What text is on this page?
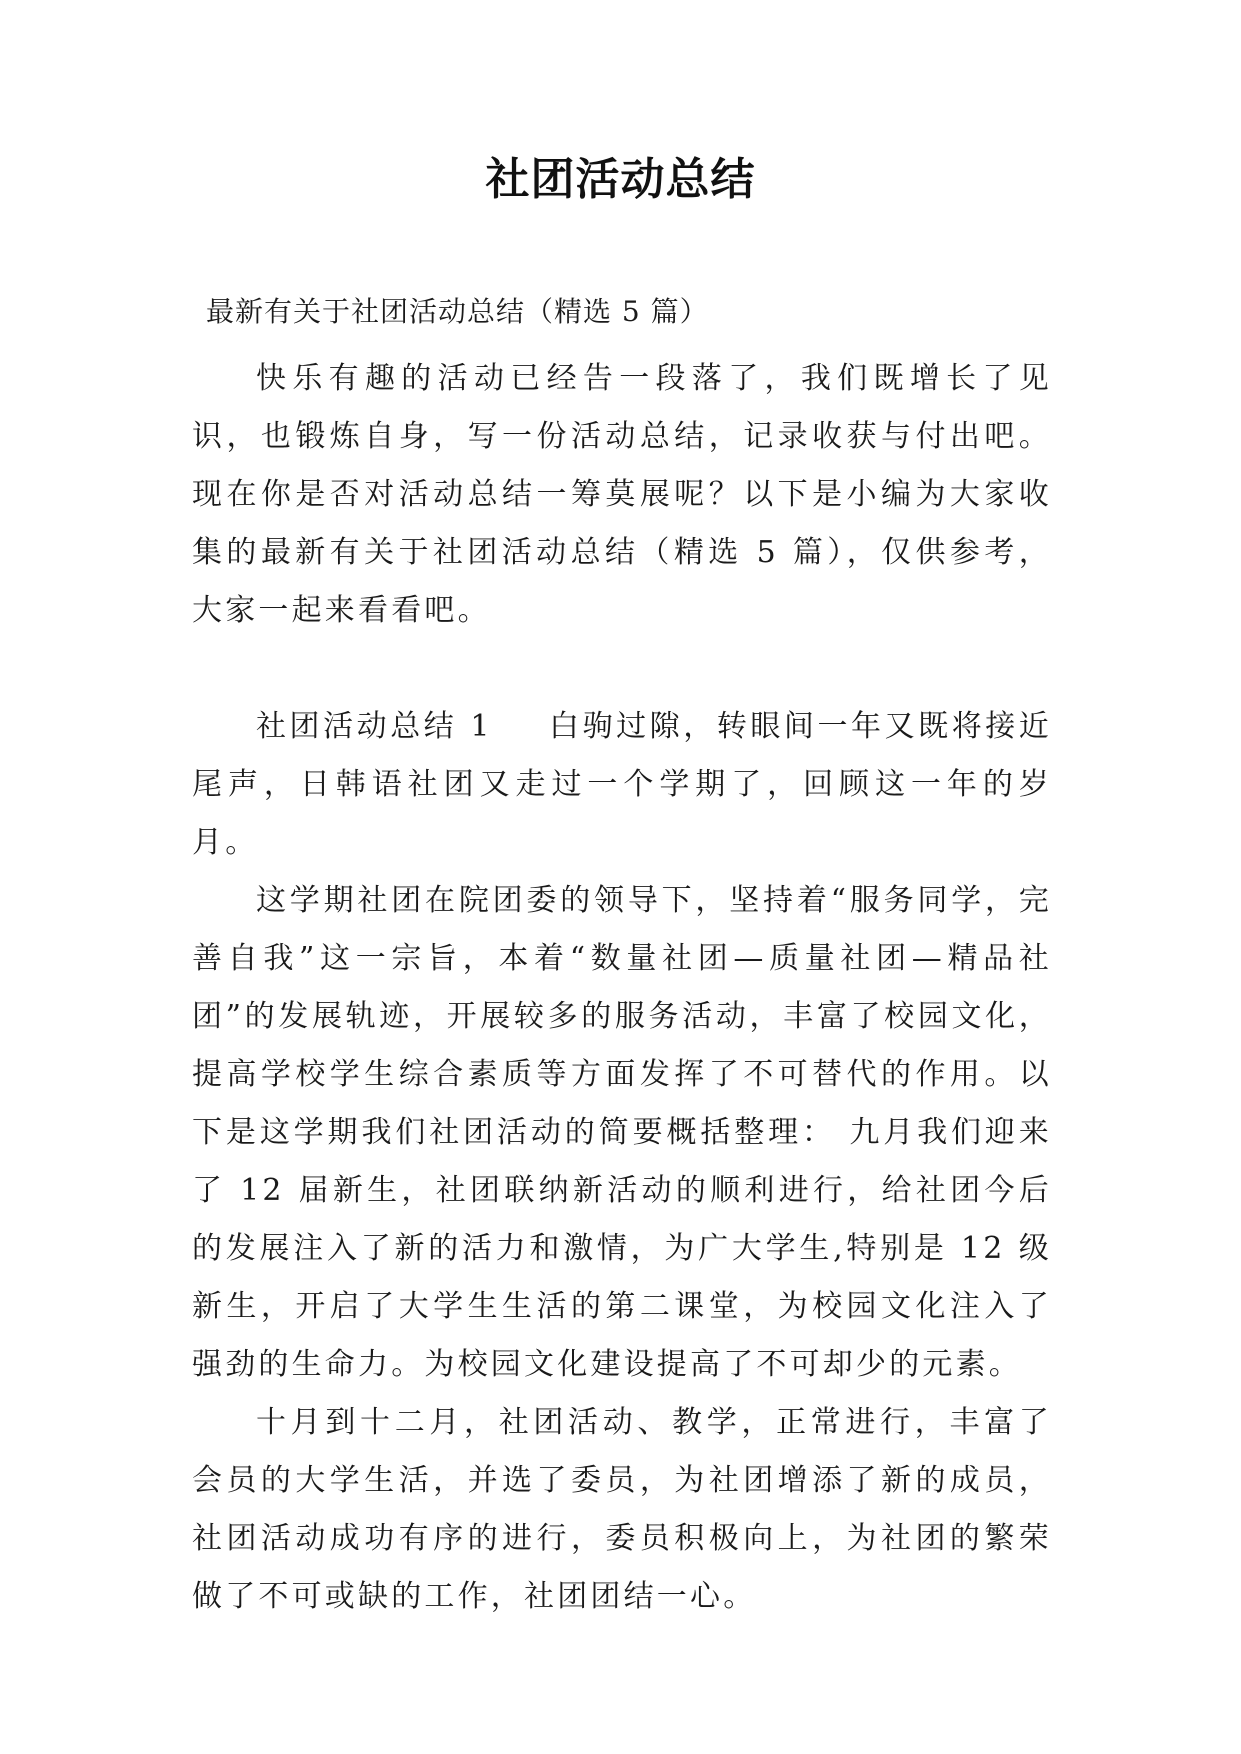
社团活动总结
最新有关于社团活动总结（精选 5 篇）

快乐有趣的活动已经告一段落了，我们既增长了见识，也锻炼自身，写一份活动总结，记录收获与付出吧。现在你是否对活动总结一筹莫展呢？以下是小编为大家收集的最新有关于社团活动总结（精选 5 篇），仅供参考，大家一起来看看吧。

社团活动总结 1 白驹过隙，转眼间一年又既将接近尾声，日韩语社团又走过一个学期了，回顾这一年的岁月。

这学期社团在院团委的领导下，坚持着“服务同学，完善自我”这一宗旨，本着“数量社团—质量社团—精品社团”的发展轨迹，开展较多的服务活动，丰富了校园文化，提高学校学生综合素质等方面发挥了不可替代的作用。以下是这学期我们社团活动的简要概括整理： 九月我们迎来了 12 届新生，社团联纳新活动的顺利进行，给社团今后的发展注入了新的活力和激情，为广大学生,特别是 12 级新生，开启了大学生生活的第二课堂，为校园文化注入了强劲的生命力。为校园文化建设提高了不可却少的元素。

十月到十二月，社团活动、教学，正常进行，丰富了会员的大学生活，并选了委员，为社团增添了新的成员，社团活动成功有序的进行，委员积极向上，为社团的繁荣做了不可或缺的工作，社团团结一心。
